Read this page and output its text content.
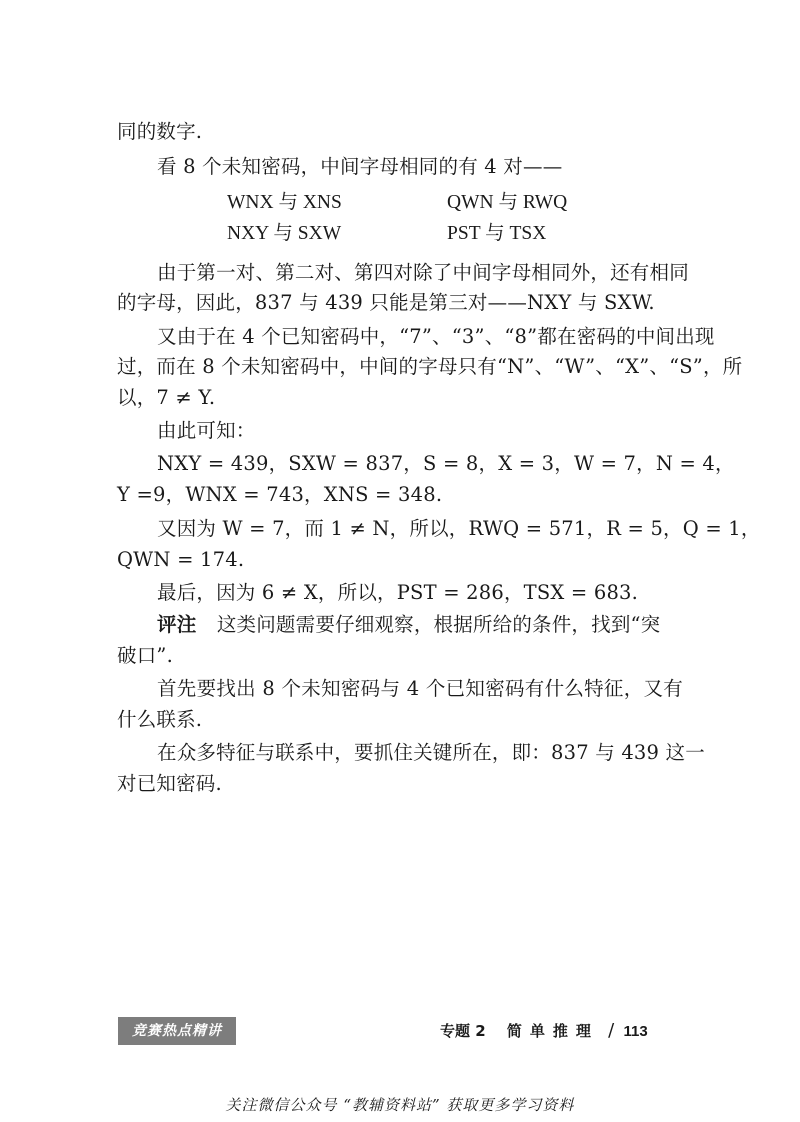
同的数字.
看 8 个未知密码，中间字母相同的有 4 对——
WNX 与 XNS	QWN 与 RWQ
NXY 与 SXW	PST 与 TSX
由于第一对、第二对、第四对除了中间字母相同外，还有相同
的字母，因此，837 与 439 只能是第三对——NXY 与 SXW.
又由于在 4 个已知密码中，“7”、“3”、“8”都在密码的中间出现
过，而在 8 个未知密码中，中间的字母只有“N”、“W”、“X”、“S”，所
以，7 ≠ Y.
由此可知：
NXY = 439，SXW = 837，S = 8，X = 3，W = 7，N = 4，
Y =9，WNX = 743，XNS = 348.
又因为 W = 7，而 1 ≠ N，所以，RWQ = 571，R = 5，Q = 1，
QWN = 174.
最后，因为 6 ≠ X，所以，PST = 286，TSX = 683.
评注 这类问题需要仔细观察，根据所给的条件，找到“突
破口”.
首先要找出 8 个未知密码与 4 个已知密码有什么特征，又有
什么联系.
在众多特征与联系中，要抓住关键所在，即：837 与 439 这一
对已知密码.
竞赛热点精讲	专题 2 简单推理 / 113
关注微信公众号 “教辅资料站” 获取更多学习资料
